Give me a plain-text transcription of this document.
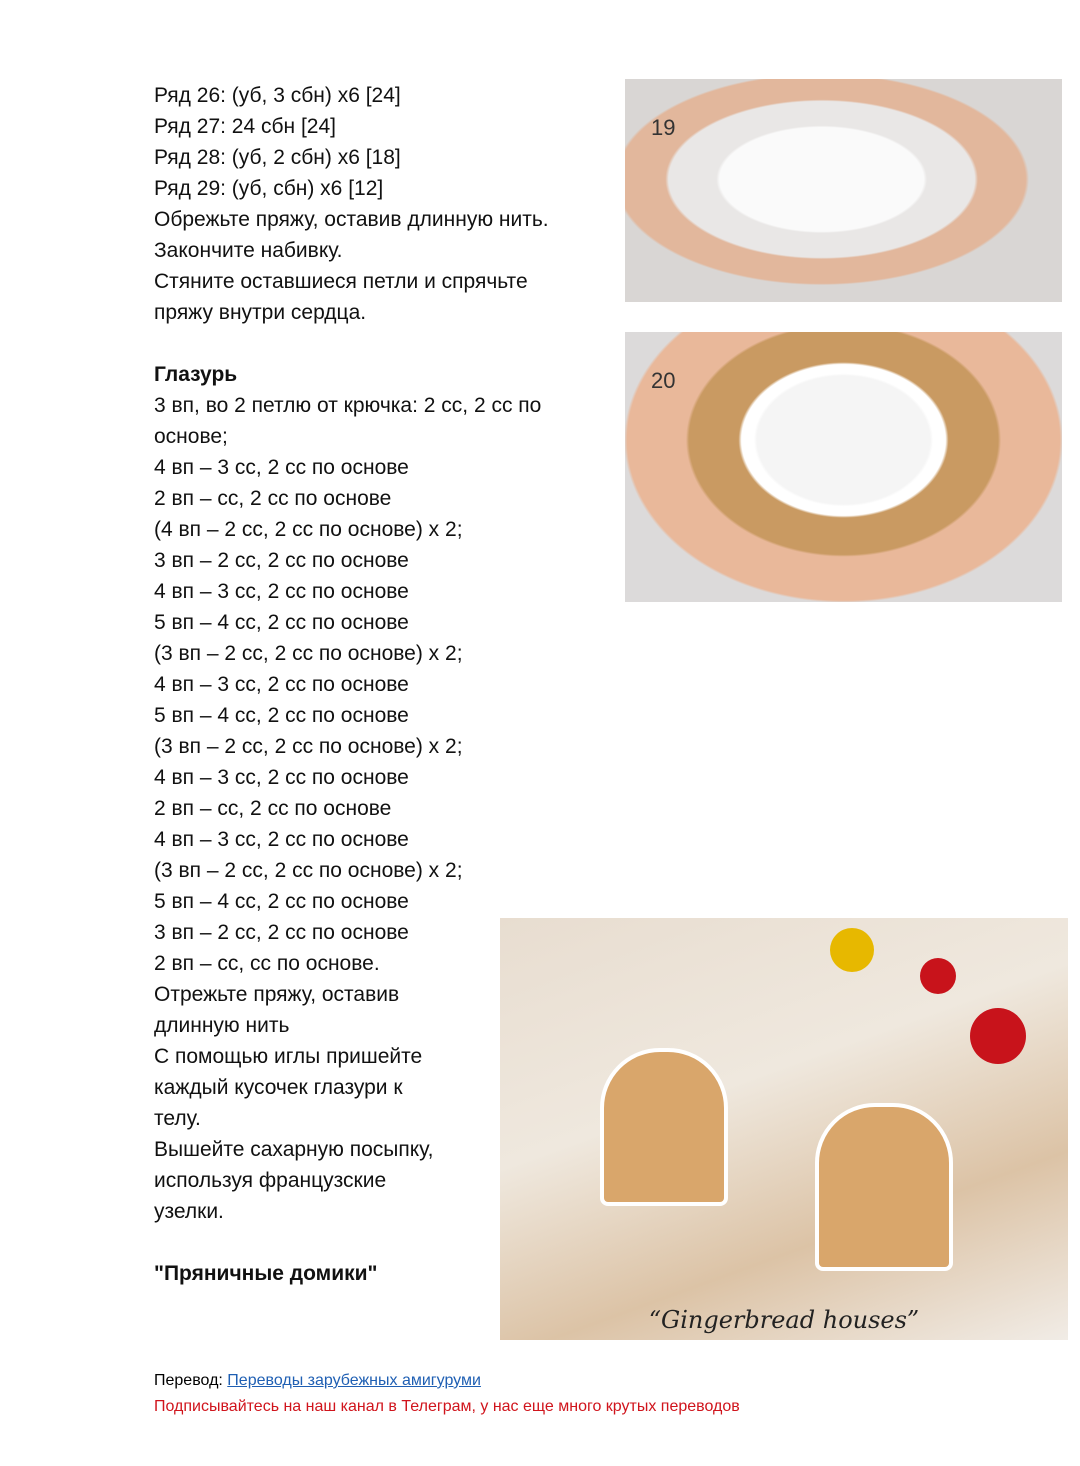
Ряд 26: (уб, 3 сбн) х6 [24]
Ряд 27: 24 сбн [24]
Ряд 28: (уб, 2 сбн) х6 [18]
Ряд 29: (уб, сбн) х6 [12]
Обрежьте пряжу, оставив длинную нить.
Закончите набивку.
Стяните оставшиеся петли и спрячьте
пряжу внутри сердца.
Глазурь
3 вп, во 2 петлю от крючка: 2 сс, 2 сс по
основе;
4 вп – 3 сс, 2 сс по основе
2 вп – сс, 2 сс по основе
(4 вп – 2 сс, 2 сс по основе) х 2;
3 вп – 2 сс, 2 сс по основе
4 вп – 3 сс, 2 сс по основе
5 вп – 4 сс, 2 сс по основе
(3 вп – 2 сс, 2 сс по основе) х 2;
4 вп – 3 сс, 2 сс по основе
5 вп – 4 сс, 2 сс по основе
(3 вп – 2 сс, 2 сс по основе) х 2;
4 вп – 3 сс, 2 сс по основе
2 вп – сс, 2 сс по основе
4 вп – 3 сс, 2 сс по основе
(3 вп – 2 сс, 2 сс по основе) х 2;
5 вп – 4 сс, 2 сс по основе
3 вп – 2 сс, 2 сс по основе
2 вп – сс, сс по основе.
Отрежьте пряжу, оставив
длинную нить
С помощью иглы пришейте
каждый кусочек глазури к
телу.
Вышейте сахарную посыпку,
используя французские
узелки.
"Пряничные домики"
19
20
“Gingerbread houses”
Перевод: Переводы зарубежных амигуруми
Подписывайтесь на наш канал в Телеграм, у нас еще много крутых переводов
